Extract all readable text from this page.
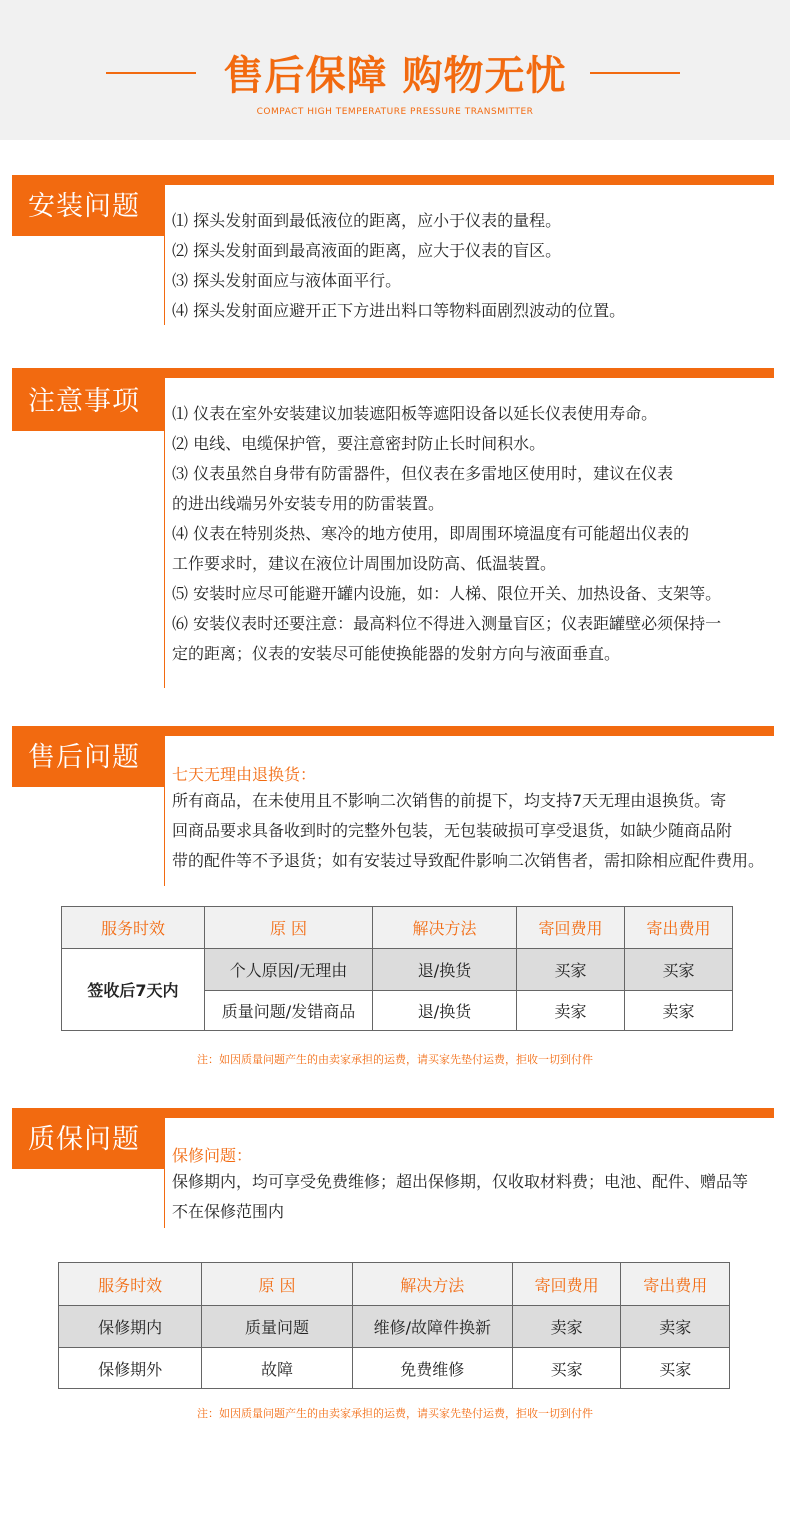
售后保障 购物无忧
COMPACT HIGH TEMPERATURE PRESSURE TRANSMITTER
安装问题	⑴ 探头发射面到最低液位的距离，应小于仪表的量程。
⑵ 探头发射面到最高液面的距离，应大于仪表的盲区。
⑶ 探头发射面应与液体面平行。
⑷ 探头发射面应避开正下方进出料口等物料面剧烈波动的位置。
注意事项	⑴ 仪表在室外安装建议加装遮阳板等遮阳设备以延长仪表使用寿命。
⑵ 电线、电缆保护管，要注意密封防止长时间积水。
⑶ 仪表虽然自身带有防雷器件，但仪表在多雷地区使用时，建议在仪表
的进出线端另外安装专用的防雷装置。
⑷ 仪表在特别炎热、寒冷的地方使用，即周围环境温度有可能超出仪表的
工作要求时，建议在液位计周围加设防高、低温装置。
⑸ 安装时应尽可能避开罐内设施，如：人梯、限位开关、加热设备、支架等。
⑹ 安装仪表时还要注意：最高料位不得进入测量盲区；仪表距罐壁必须保持一
定的距离；仪表的安装尽可能使换能器的发射方向与液面垂直。
售后问题
七天无理由退换货：
所有商品，在未使用且不影响二次销售的前提下，均支持7天无理由退换货。寄
回商品要求具备收到时的完整外包装，无包装破损可享受退货，如缺少随商品附
带的配件等不予退货；如有安装过导致配件影响二次销售者，需扣除相应配件费用。
服务时效	原 因	解决方法	寄回费用	寄出费用
签收后7天内	个人原因/无理由	退/换货	买家	买家
	质量问题/发错商品	退/换货	卖家	卖家
注：如因质量问题产生的由卖家承担的运费，请买家先垫付运费，拒收一切到付件
质保问题
保修问题：
保修期内，均可享受免费维修；超出保修期，仅收取材料费；电池、配件、赠品等
不在保修范围内
服务时效	原 因	解决方法	寄回费用	寄出费用
保修期内	质量问题	维修/故障件换新	卖家	卖家
保修期外	故障	免费维修	买家	买家
注：如因质量问题产生的由卖家承担的运费，请买家先垫付运费，拒收一切到付件
